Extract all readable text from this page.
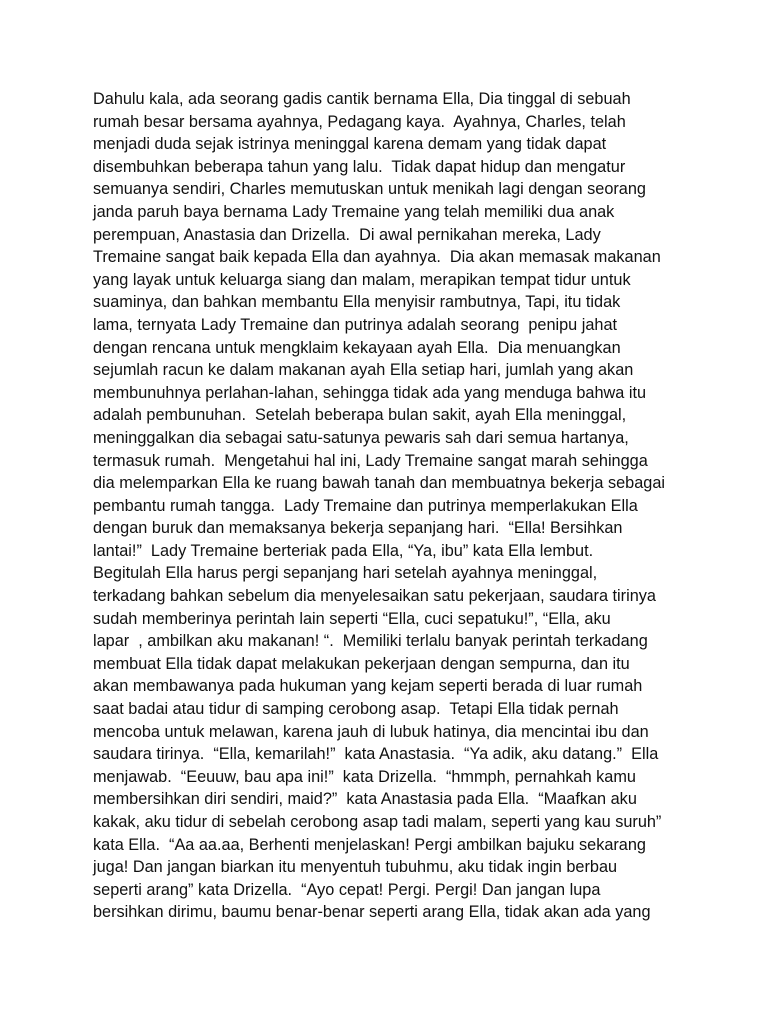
Dahulu kala, ada seorang gadis cantik bernama Ella, Dia tinggal di sebuah
rumah besar bersama ayahnya, Pedagang kaya.  Ayahnya, Charles, telah
menjadi duda sejak istrinya meninggal karena demam yang tidak dapat
disembuhkan beberapa tahun yang lalu.  Tidak dapat hidup dan mengatur
semuanya sendiri, Charles memutuskan untuk menikah lagi dengan seorang
janda paruh baya bernama Lady Tremaine yang telah memiliki dua anak
perempuan, Anastasia dan Drizella.  Di awal pernikahan mereka, Lady
Tremaine sangat baik kepada Ella dan ayahnya.  Dia akan memasak makanan
yang layak untuk keluarga siang dan malam, merapikan tempat tidur untuk
suaminya, dan bahkan membantu Ella menyisir rambutnya, Tapi, itu tidak
lama, ternyata Lady Tremaine dan putrinya adalah seorang  penipu jahat
dengan rencana untuk mengklaim kekayaan ayah Ella.  Dia menuangkan
sejumlah racun ke dalam makanan ayah Ella setiap hari, jumlah yang akan
membunuhnya perlahan-lahan, sehingga tidak ada yang menduga bahwa itu
adalah pembunuhan.  Setelah beberapa bulan sakit, ayah Ella meninggal,
meninggalkan dia sebagai satu-satunya pewaris sah dari semua hartanya,
termasuk rumah.  Mengetahui hal ini, Lady Tremaine sangat marah sehingga
dia melemparkan Ella ke ruang bawah tanah dan membuatnya bekerja sebagai
pembantu rumah tangga.  Lady Tremaine dan putrinya memperlakukan Ella
dengan buruk dan memaksanya bekerja sepanjang hari.  “Ella! Bersihkan
lantai!”  Lady Tremaine berteriak pada Ella, “Ya, ibu” kata Ella lembut.
Begitulah Ella harus pergi sepanjang hari setelah ayahnya meninggal,
terkadang bahkan sebelum dia menyelesaikan satu pekerjaan, saudara tirinya
sudah memberinya perintah lain seperti “Ella, cuci sepatuku!”, “Ella, aku
lapar  , ambilkan aku makanan! “.  Memiliki terlalu banyak perintah terkadang
membuat Ella tidak dapat melakukan pekerjaan dengan sempurna, dan itu
akan membawanya pada hukuman yang kejam seperti berada di luar rumah
saat badai atau tidur di samping cerobong asap.  Tetapi Ella tidak pernah
mencoba untuk melawan, karena jauh di lubuk hatinya, dia mencintai ibu dan
saudara tirinya.  “Ella, kemarilah!”  kata Anastasia.  “Ya adik, aku datang.”  Ella
menjawab.  “Eeuuw, bau apa ini!”  kata Drizella.  “hmmph, pernahkah kamu
membersihkan diri sendiri, maid?”  kata Anastasia pada Ella.  “Maafkan aku
kakak, aku tidur di sebelah cerobong asap tadi malam, seperti yang kau suruh”
kata Ella.  “Aa aa.aa, Berhenti menjelaskan! Pergi ambilkan bajuku sekarang
juga! Dan jangan biarkan itu menyentuh tubuhmu, aku tidak ingin berbau
seperti arang” kata Drizella.  “Ayo cepat! Pergi. Pergi! Dan jangan lupa
bersihkan dirimu, baumu benar-benar seperti arang Ella, tidak akan ada yang
